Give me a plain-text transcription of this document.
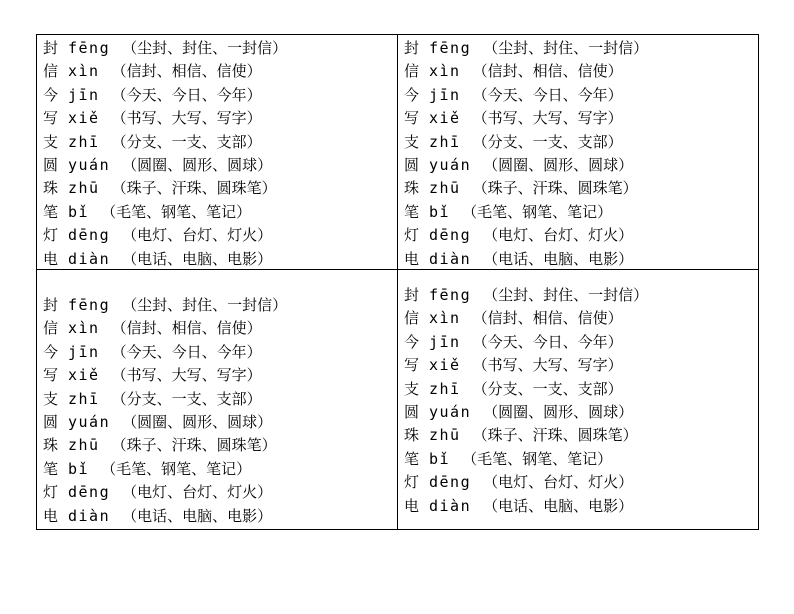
封 fēng （尘封、封住、一封信）
信 xìn （信封、相信、信使）
今 jīn （今天、今日、今年）
写 xiě （书写、大写、写字）
支 zhī （分支、一支、支部）
圆 yuán （圆圈、圆形、圆球）
珠 zhū （珠子、汗珠、圆珠笔）
笔 bǐ （毛笔、钢笔、笔记）
灯 dēng （电灯、台灯、灯火）
电 diàn （电话、电脑、电影）
封 fēng （尘封、封住、一封信）
信 xìn （信封、相信、信使）
今 jīn （今天、今日、今年）
写 xiě （书写、大写、写字）
支 zhī （分支、一支、支部）
圆 yuán （圆圈、圆形、圆球）
珠 zhū （珠子、汗珠、圆珠笔）
笔 bǐ （毛笔、钢笔、笔记）
灯 dēng （电灯、台灯、灯火）
电 diàn （电话、电脑、电影）
封 fēng （尘封、封住、一封信）
信 xìn （信封、相信、信使）
今 jīn （今天、今日、今年）
写 xiě （书写、大写、写字）
支 zhī （分支、一支、支部）
圆 yuán （圆圈、圆形、圆球）
珠 zhū （珠子、汗珠、圆珠笔）
笔 bǐ （毛笔、钢笔、笔记）
灯 dēng （电灯、台灯、灯火）
电 diàn （电话、电脑、电影）
封 fēng （尘封、封住、一封信）
信 xìn （信封、相信、信使）
今 jīn （今天、今日、今年）
写 xiě （书写、大写、写字）
支 zhī （分支、一支、支部）
圆 yuán （圆圈、圆形、圆球）
珠 zhū （珠子、汗珠、圆珠笔）
笔 bǐ （毛笔、钢笔、笔记）
灯 dēng （电灯、台灯、灯火）
电 diàn （电话、电脑、电影）
